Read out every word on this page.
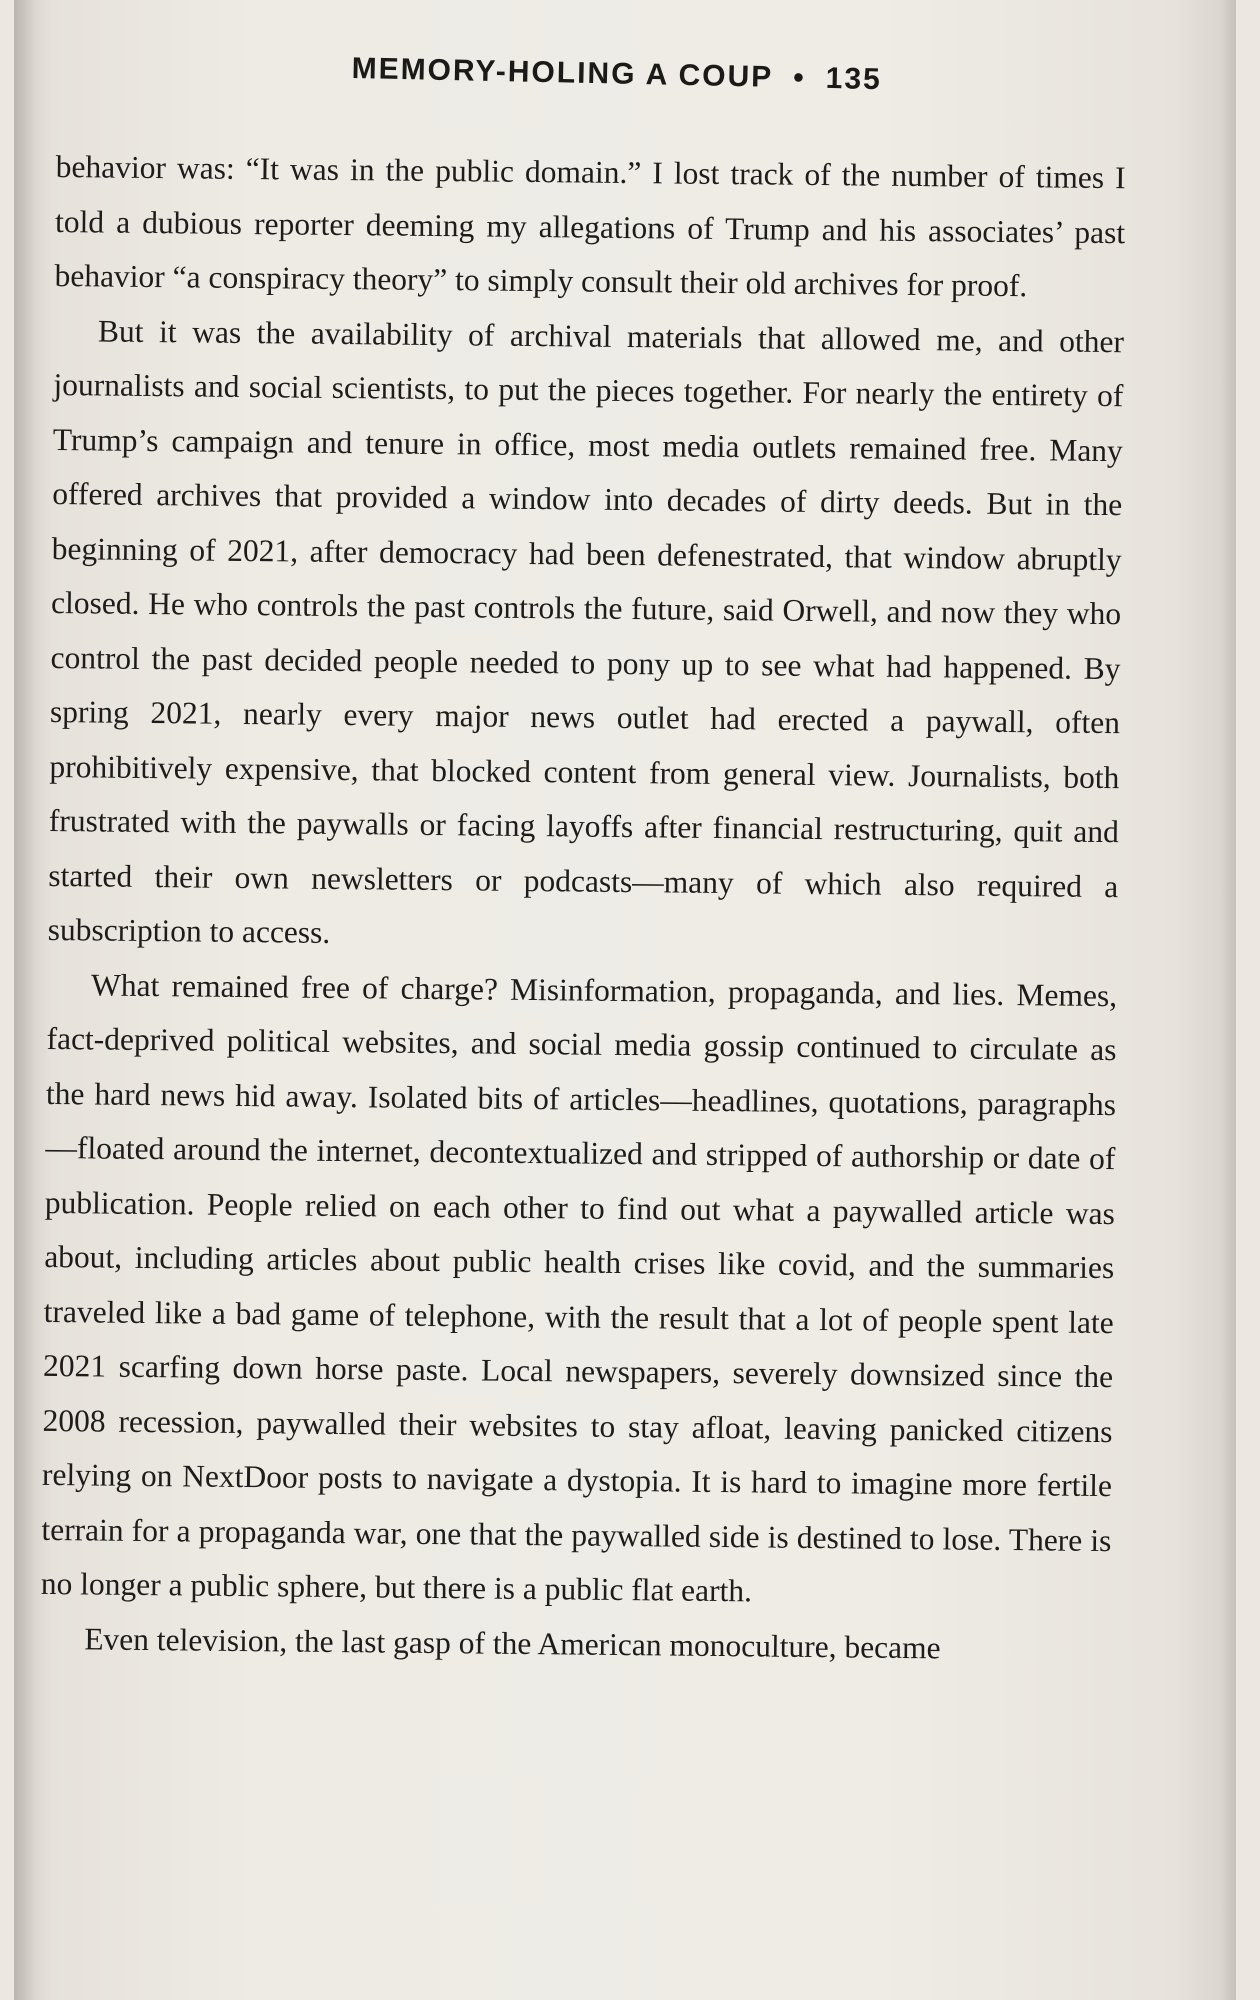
MEMORY-HOLING A COUP • 135

behavior was: “It was in the public domain.” I lost track of the number of times I told a dubious reporter deeming my allegations of Trump and his associates’ past behavior “a conspiracy theory” to simply consult their old archives for proof.

But it was the availability of archival materials that allowed me, and other journalists and social scientists, to put the pieces together. For nearly the entirety of Trump’s campaign and tenure in office, most media outlets remained free. Many offered archives that provided a window into decades of dirty deeds. But in the beginning of 2021, after democracy had been defenestrated, that window abruptly closed. He who controls the past controls the future, said Orwell, and now they who control the past decided people needed to pony up to see what had happened. By spring 2021, nearly every major news outlet had erected a paywall, often prohibitively expensive, that blocked content from general view. Journalists, both frustrated with the paywalls or facing layoffs after financial restructuring, quit and started their own newsletters or podcasts—many of which also required a subscription to access.

What remained free of charge? Misinformation, propaganda, and lies. Memes, fact-deprived political websites, and social media gossip continued to circulate as the hard news hid away. Isolated bits of articles—headlines, quotations, paragraphs—floated around the internet, decontextualized and stripped of authorship or date of publication. People relied on each other to find out what a paywalled article was about, including articles about public health crises like covid, and the summaries traveled like a bad game of telephone, with the result that a lot of people spent late 2021 scarfing down horse paste. Local newspapers, severely downsized since the 2008 recession, paywalled their websites to stay afloat, leaving panicked citizens relying on NextDoor posts to navigate a dystopia. It is hard to imagine more fertile terrain for a propaganda war, one that the paywalled side is destined to lose. There is no longer a public sphere, but there is a public flat earth.

Even television, the last gasp of the American monoculture, became
